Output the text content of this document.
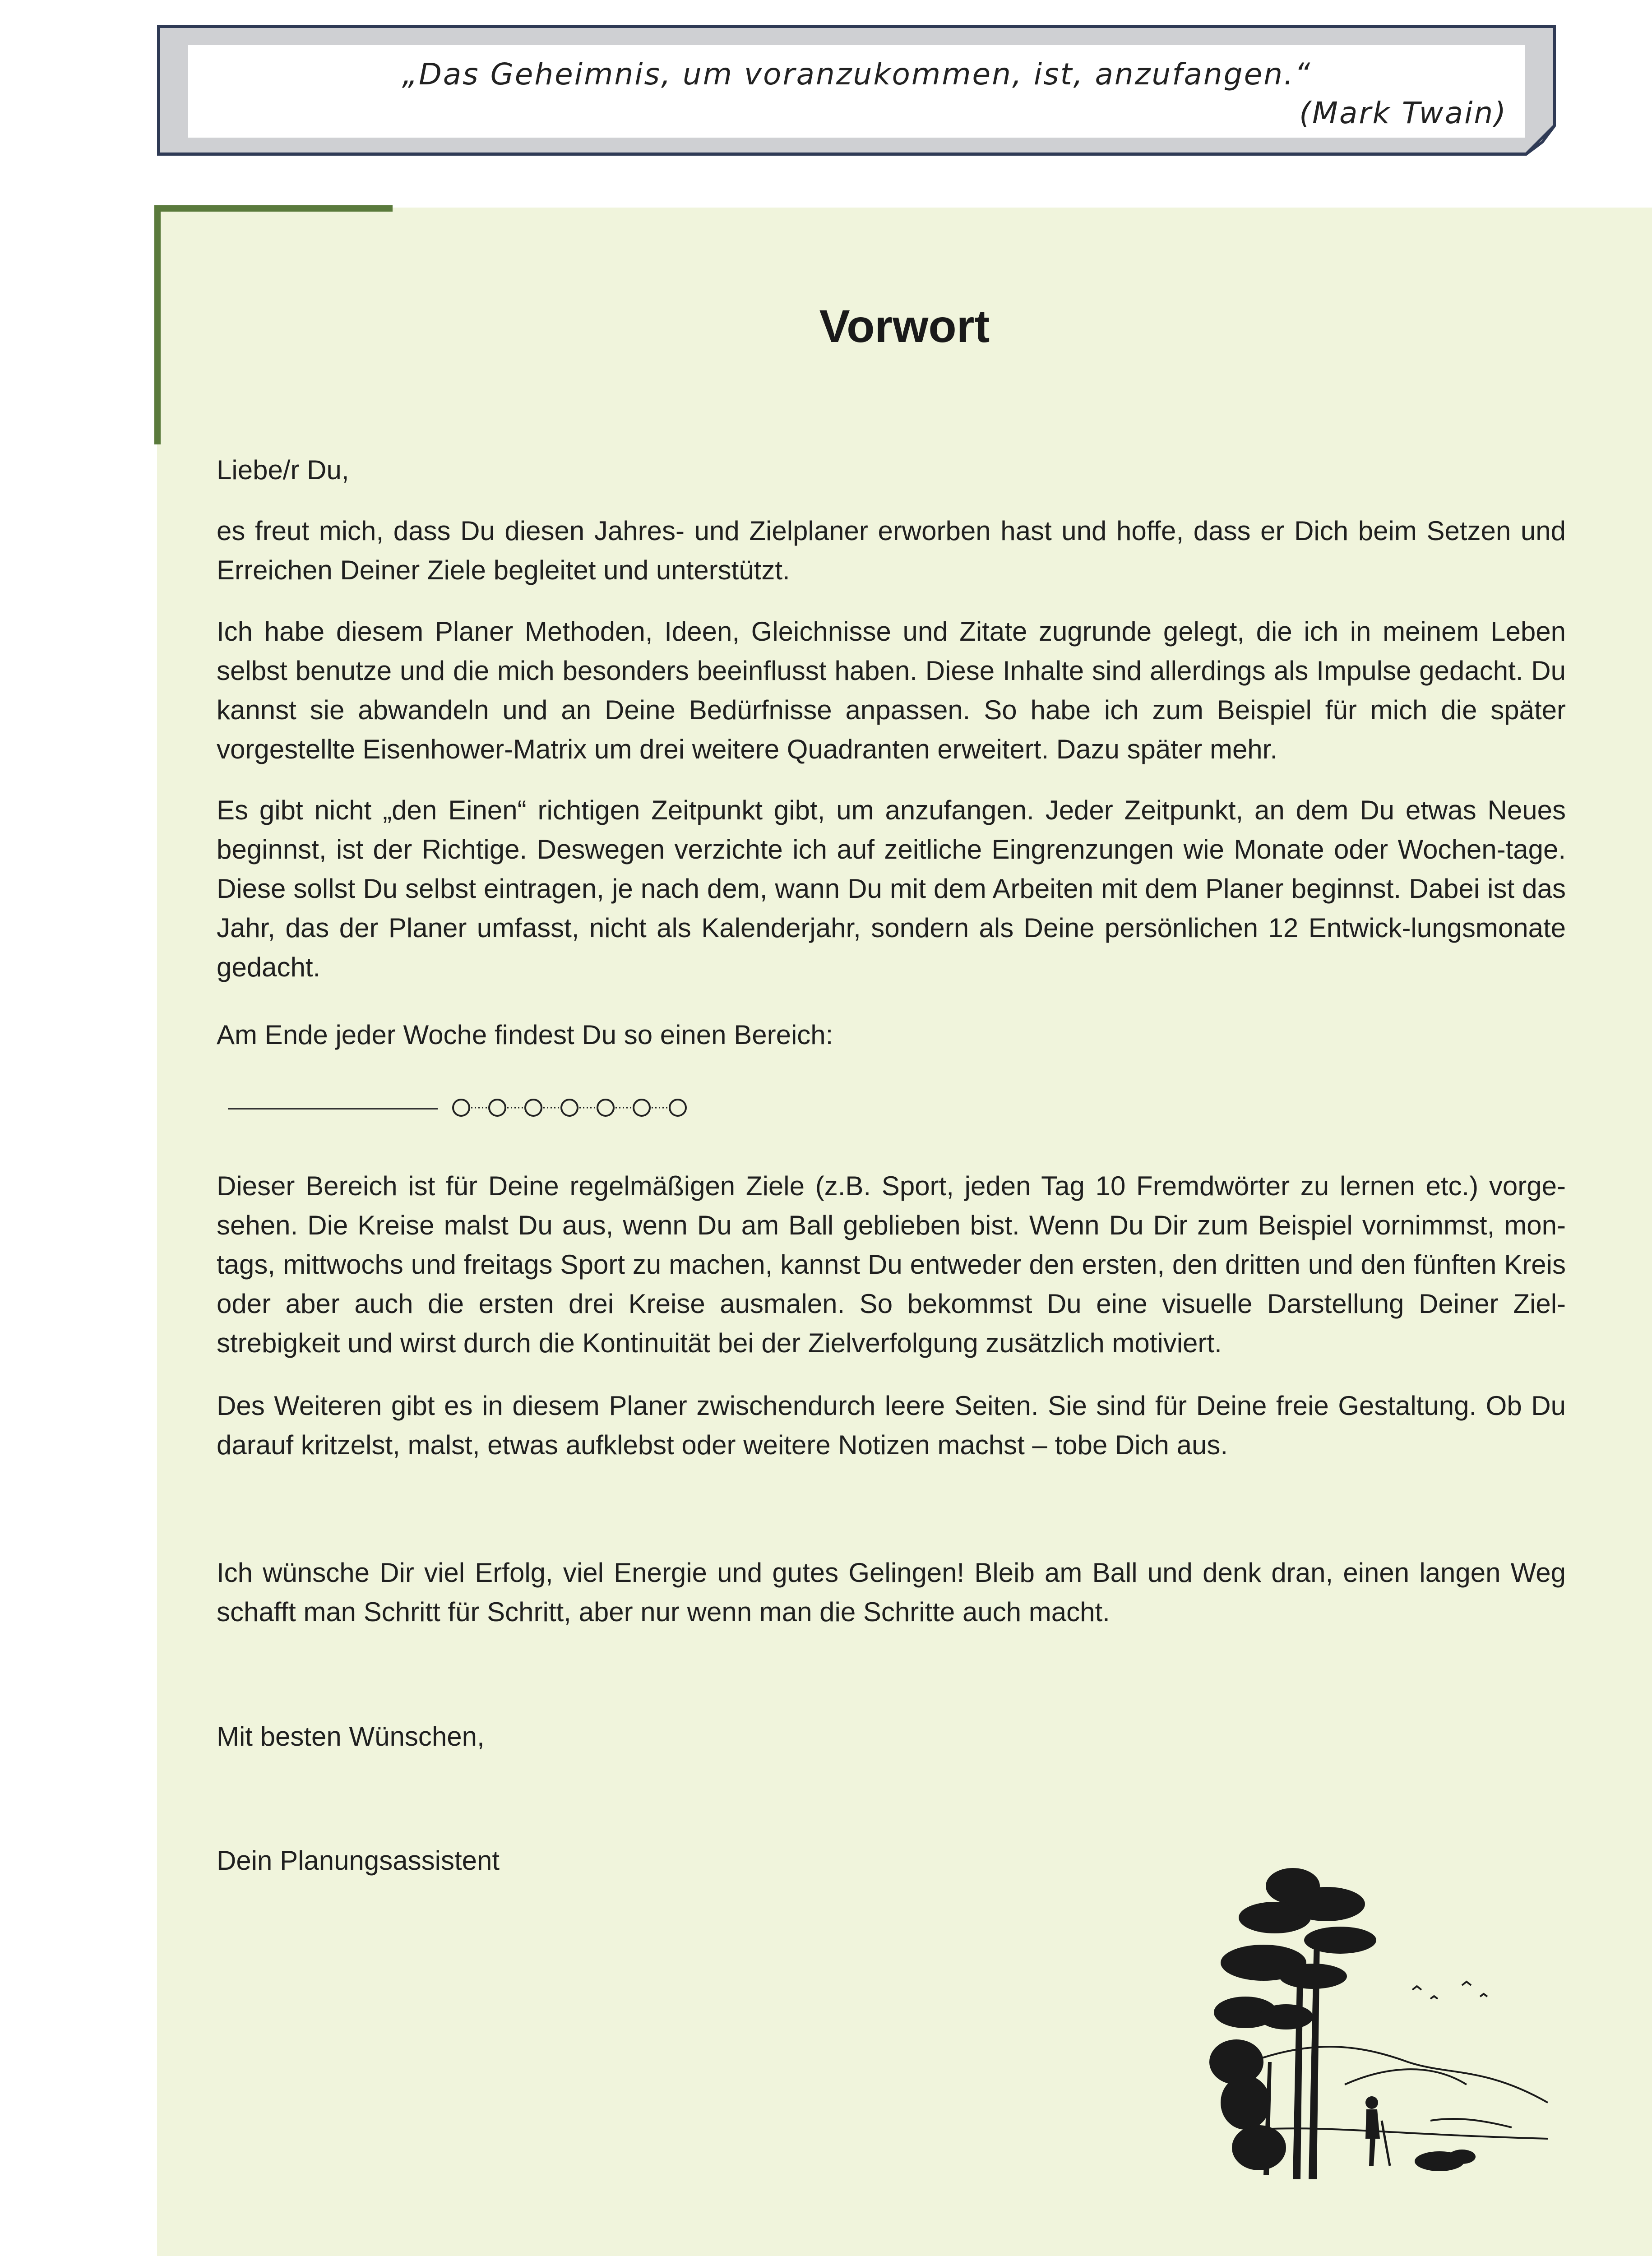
„Das Geheimnis, um voranzukommen, ist, anzufangen.“
(Mark Twain)
Vorwort
Liebe/r Du,
es freut mich, dass Du diesen Jahres- und Zielplaner erworben hast und hoffe, dass er Dich beim Setzen und Erreichen Deiner Ziele begleitet und unterstützt.
Ich habe diesem Planer Methoden, Ideen, Gleichnisse und Zitate zugrunde gelegt, die ich in meinem Leben selbst benutze und die mich besonders beeinflusst haben. Diese Inhalte sind allerdings als Impulse gedacht. Du kannst sie abwandeln und an Deine Bedürfnisse anpassen. So habe ich zum Beispiel für mich die später vorgestellte Eisenhower-Matrix um drei weitere Quadranten erweitert. Dazu später mehr.
Es gibt nicht „den Einen“ richtigen Zeitpunkt gibt, um anzufangen. Jeder Zeitpunkt, an dem Du etwas Neues beginnst, ist der Richtige. Deswegen verzichte ich auf zeitliche Eingrenzungen wie Monate oder Wochen-tage. Diese sollst Du selbst eintragen, je nach dem, wann Du mit dem Arbeiten mit dem Planer beginnst. Dabei ist das Jahr, das der Planer umfasst, nicht als Kalenderjahr, sondern als Deine persönlichen 12 Entwick-lungsmonate gedacht.
Am Ende jeder Woche findest Du so einen Bereich:
Dieser Bereich ist für Deine regelmäßigen Ziele (z.B. Sport, jeden Tag 10 Fremdwörter zu lernen etc.) vorge-sehen. Die Kreise malst Du aus, wenn Du am Ball geblieben bist. Wenn Du Dir zum Beispiel vornimmst, mon-tags, mittwochs und freitags Sport zu machen, kannst Du entweder den ersten, den dritten und den fünften Kreis oder aber auch die ersten drei Kreise ausmalen. So bekommst Du eine visuelle Darstellung Deiner Ziel-strebigkeit und wirst durch die Kontinuität bei der Zielverfolgung zusätzlich motiviert.
Des Weiteren gibt es in diesem Planer zwischendurch leere Seiten. Sie sind für Deine freie Gestaltung. Ob Du darauf kritzelst, malst, etwas aufklebst oder weitere Notizen machst – tobe Dich aus.
Ich wünsche Dir viel Erfolg, viel Energie und gutes Gelingen! Bleib am Ball und denk dran, einen langen Weg schafft man Schritt für Schritt, aber nur wenn man die Schritte auch macht.
Mit besten Wünschen,
Dein Planungsassistent
